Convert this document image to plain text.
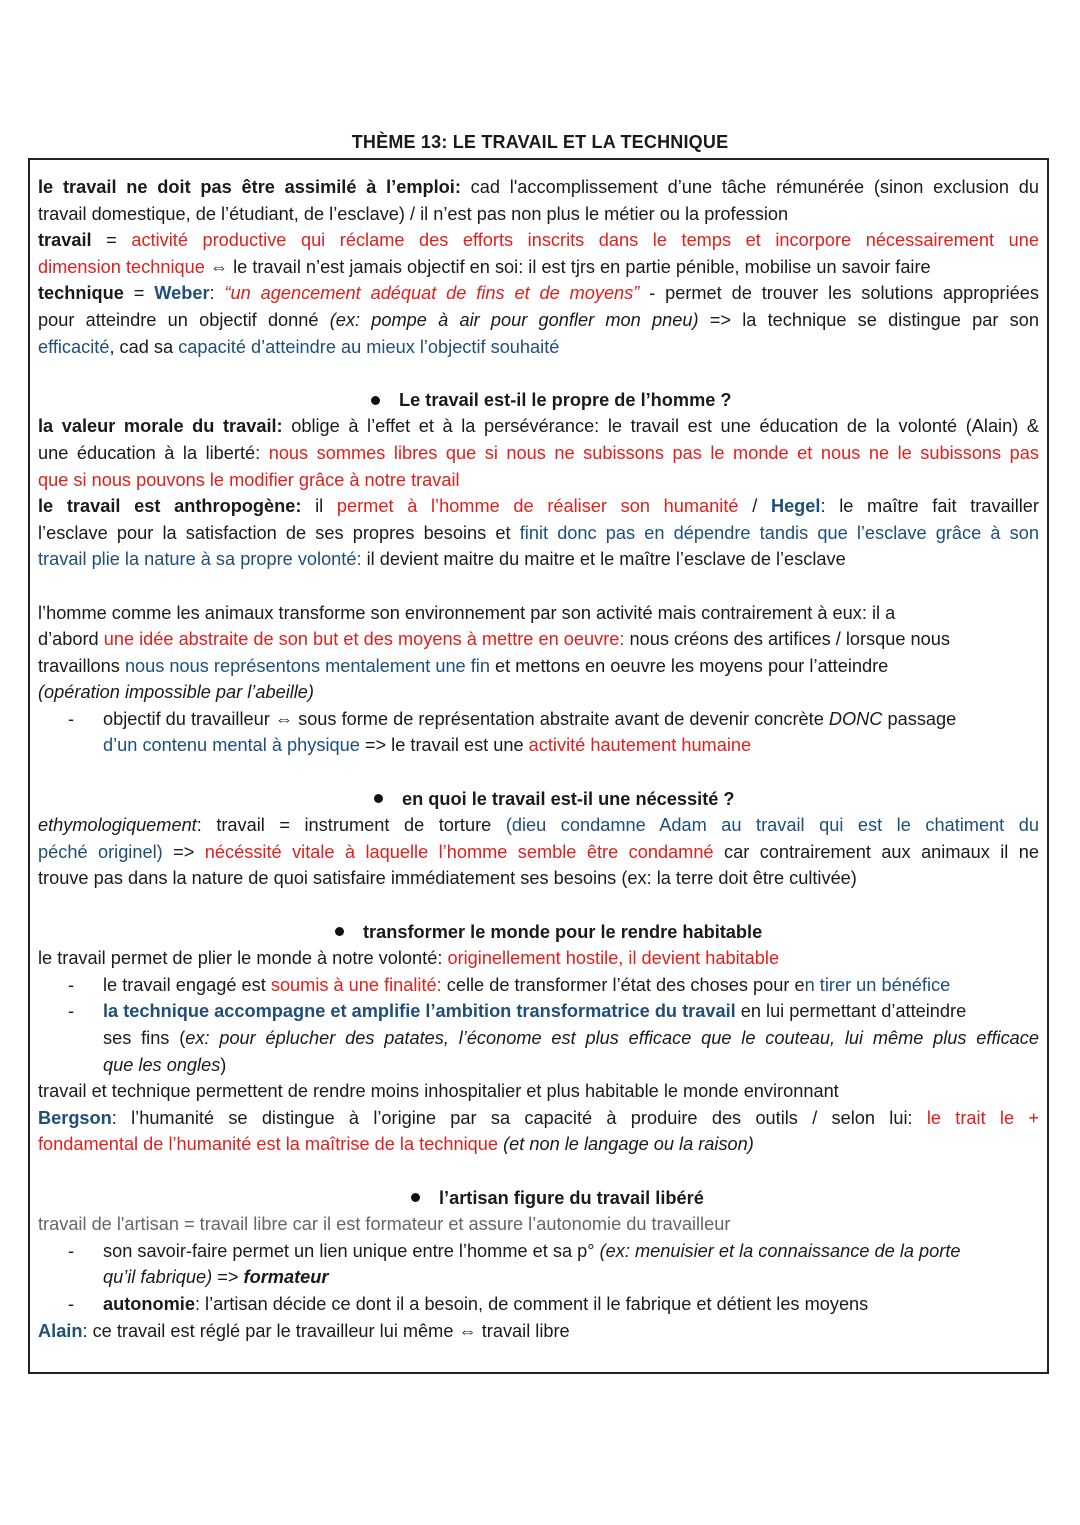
THÈME 13: LE TRAVAIL ET LA TECHNIQUE
le travail ne doit pas être assimilé à l’emploi: cad l'accomplissement d’une tâche rémunérée (sinon exclusion du
travail domestique, de l’étudiant, de l’esclave) / il n’est pas non plus le métier ou la profession
travail = activité productive qui réclame des efforts inscrits dans le temps et incorpore nécessairement une
dimension technique ⇔ le travail n’est jamais objectif en soi: il est tjrs en partie pénible, mobilise un savoir faire
technique = Weber: “un agencement adéquat de fins et de moyens” - permet de trouver les solutions appropriées
pour atteindre un objectif donné (ex: pompe à air pour gonfler mon pneu) => la technique se distingue par son
efficacité, cad sa capacité d’atteindre au mieux l’objectif souhaité
Le travail est-il le propre de l’homme ?
la valeur morale du travail: oblige à l’effet et à la persévérance: le travail est une éducation de la volonté (Alain) &
une éducation à la liberté: nous sommes libres que si nous ne subissons pas le monde et nous ne le subissons pas
que si nous pouvons le modifier grâce à notre travail
le travail est anthropogène: il permet à l’homme de réaliser son humanité / Hegel: le maître fait travailler
l’esclave pour la satisfaction de ses propres besoins et finit donc pas en dépendre tandis que l’esclave grâce à son
travail plie la nature à sa propre volonté: il devient maitre du maitre et le maître l’esclave de l’esclave
l’homme comme les animaux transforme son environnement par son activité mais contrairement à eux: il a
d’abord une idée abstraite de son but et des moyens à mettre en oeuvre: nous créons des artifices / lorsque nous
travaillons nous nous représentons mentalement une fin et mettons en oeuvre les moyens pour l’atteindre
(opération impossible par l’abeille)
- objectif du travailleur ⇔ sous forme de représentation abstraite avant de devenir concrète DONC passage
d’un contenu mental à physique => le travail est une activité hautement humaine
en quoi le travail est-il une nécessité ?
ethymologiquement: travail = instrument de torture (dieu condamne Adam au travail qui est le chatiment du
péché originel) => nécéssité vitale à laquelle l’homme semble être condamné car contrairement aux animaux il ne
trouve pas dans la nature de quoi satisfaire immédiatement ses besoins (ex: la terre doit être cultivée)
transformer le monde pour le rendre habitable
le travail permet de plier le monde à notre volonté: originellement hostile, il devient habitable
- le travail engagé est soumis à une finalité: celle de transformer l’état des choses pour en tirer un bénéfice
- la technique accompagne et amplifie l’ambition transformatrice du travail en lui permettant d’atteindre
ses fins (ex: pour éplucher des patates, l’économe est plus efficace que le couteau, lui même plus efficace
que les ongles)
travail et technique permettent de rendre moins inhospitalier et plus habitable le monde environnant
Bergson: l’humanité se distingue à l’origine par sa capacité à produire des outils / selon lui: le trait le +
fondamental de l’humanité est la maîtrise de la technique (et non le langage ou la raison)
l’artisan figure du travail libéré
travail de l'artisan = travail libre car il est formateur et assure l’autonomie du travailleur
- son savoir-faire permet un lien unique entre l’homme et sa p° (ex: menuisier et la connaissance de la porte
qu’il fabrique) => formateur
- autonomie: l’artisan décide ce dont il a besoin, de comment il le fabrique et détient les moyens
Alain: ce travail est réglé par le travailleur lui même ⇔ travail libre
